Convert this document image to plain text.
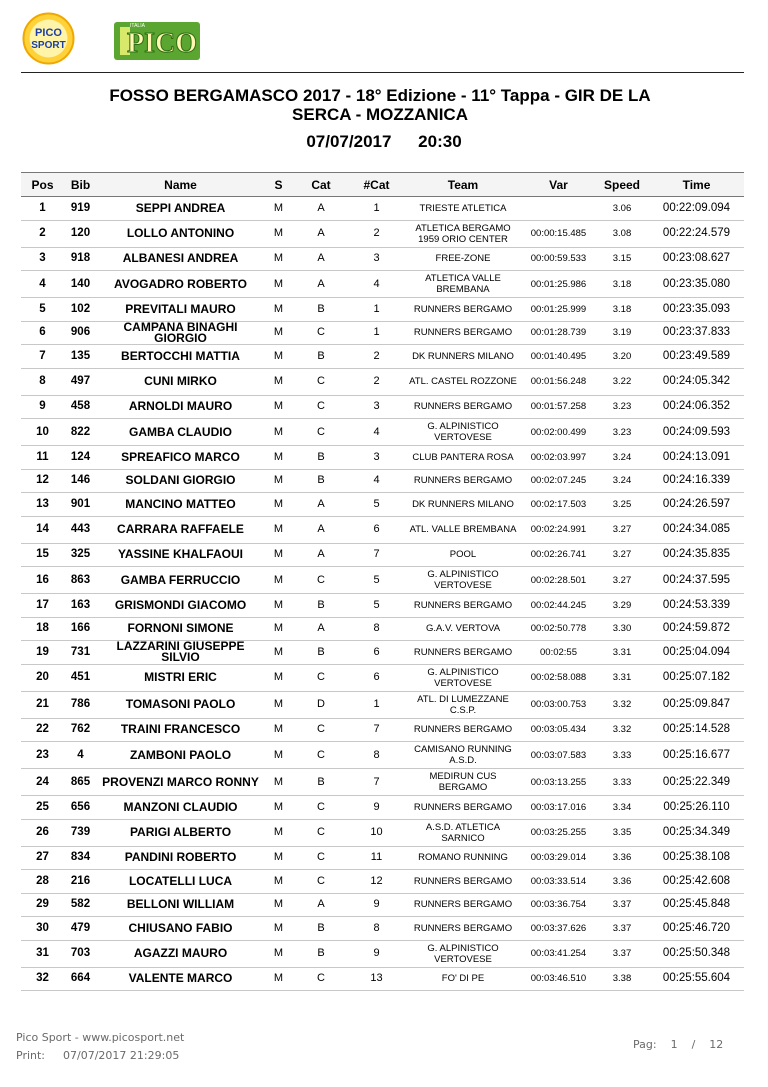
PICO
SPORT PICO
ITALIA
FOSSO BERGAMASCO 2017 - 18° Edizione - 11° Tappa - GIR DE LA
SERCA - MOZZANICA
07/07/2017 20:30
Pos	Bib	Name	S	Cat	#Cat	Team	Var	Speed	Time
1	919	SEPPI ANDREA	M	A	1	TRIESTE ATLETICA		3.06	00:22:09.094
2	120	LOLLO ANTONINO	M	A	2	ATLETICA BERGAMO 1959 ORIO CENTER	00:00:15.485	3.08	00:22:24.579
3	918	ALBANESI ANDREA	M	A	3	FREE-ZONE	00:00:59.533	3.15	00:23:08.627
4	140	AVOGADRO ROBERTO	M	A	4	ATLETICA VALLE BREMBANA	00:01:25.986	3.18	00:23:35.080
5	102	PREVITALI MAURO	M	B	1	RUNNERS BERGAMO	00:01:25.999	3.18	00:23:35.093
6	906	CAMPANA BINAGHI GIORGIO	M	C	1	RUNNERS BERGAMO	00:01:28.739	3.19	00:23:37.833
7	135	BERTOCCHI MATTIA	M	B	2	DK RUNNERS MILANO	00:01:40.495	3.20	00:23:49.589
8	497	CUNI MIRKO	M	C	2	ATL. CASTEL ROZZONE	00:01:56.248	3.22	00:24:05.342
9	458	ARNOLDI MAURO	M	C	3	RUNNERS BERGAMO	00:01:57.258	3.23	00:24:06.352
10	822	GAMBA CLAUDIO	M	C	4	G. ALPINISTICO VERTOVESE	00:02:00.499	3.23	00:24:09.593
11	124	SPREAFICO MARCO	M	B	3	CLUB PANTERA ROSA	00:02:03.997	3.24	00:24:13.091
12	146	SOLDANI GIORGIO	M	B	4	RUNNERS BERGAMO	00:02:07.245	3.24	00:24:16.339
13	901	MANCINO MATTEO	M	A	5	DK RUNNERS MILANO	00:02:17.503	3.25	00:24:26.597
14	443	CARRARA RAFFAELE	M	A	6	ATL. VALLE BREMBANA	00:02:24.991	3.27	00:24:34.085
15	325	YASSINE KHALFAOUI	M	A	7	POOL	00:02:26.741	3.27	00:24:35.835
16	863	GAMBA FERRUCCIO	M	C	5	G. ALPINISTICO VERTOVESE	00:02:28.501	3.27	00:24:37.595
17	163	GRISMONDI GIACOMO	M	B	5	RUNNERS BERGAMO	00:02:44.245	3.29	00:24:53.339
18	166	FORNONI SIMONE	M	A	8	G.A.V. VERTOVA	00:02:50.778	3.30	00:24:59.872
19	731	LAZZARINI GIUSEPPE SILVIO	M	B	6	RUNNERS BERGAMO	00:02:55	3.31	00:25:04.094
20	451	MISTRI ERIC	M	C	6	G. ALPINISTICO VERTOVESE	00:02:58.088	3.31	00:25:07.182
21	786	TOMASONI PAOLO	M	D	1	ATL. DI LUMEZZANE C.S.P.	00:03:00.753	3.32	00:25:09.847
22	762	TRAINI FRANCESCO	M	C	7	RUNNERS BERGAMO	00:03:05.434	3.32	00:25:14.528
23	4	ZAMBONI PAOLO	M	C	8	CAMISANO RUNNING A.S.D.	00:03:07.583	3.33	00:25:16.677
24	865	PROVENZI MARCO RONNY	M	B	7	MEDIRUN CUS BERGAMO	00:03:13.255	3.33	00:25:22.349
25	656	MANZONI CLAUDIO	M	C	9	RUNNERS BERGAMO	00:03:17.016	3.34	00:25:26.110
26	739	PARIGI ALBERTO	M	C	10	A.S.D. ATLETICA SARNICO	00:03:25.255	3.35	00:25:34.349
27	834	PANDINI ROBERTO	M	C	11	ROMANO RUNNING	00:03:29.014	3.36	00:25:38.108
28	216	LOCATELLI LUCA	M	C	12	RUNNERS BERGAMO	00:03:33.514	3.36	00:25:42.608
29	582	BELLONI WILLIAM	M	A	9	RUNNERS BERGAMO	00:03:36.754	3.37	00:25:45.848
30	479	CHIUSANO FABIO	M	B	8	RUNNERS BERGAMO	00:03:37.626	3.37	00:25:46.720
31	703	AGAZZI MAURO	M	B	9	G. ALPINISTICO VERTOVESE	00:03:41.254	3.37	00:25:50.348
32	664	VALENTE MARCO	M	C	13	FO' DI PE	00:03:46.510	3.38	00:25:55.604
Pico Sport - www.picosport.net
Print: 07/07/2017 21:29:05
Pag: 1 / 12
